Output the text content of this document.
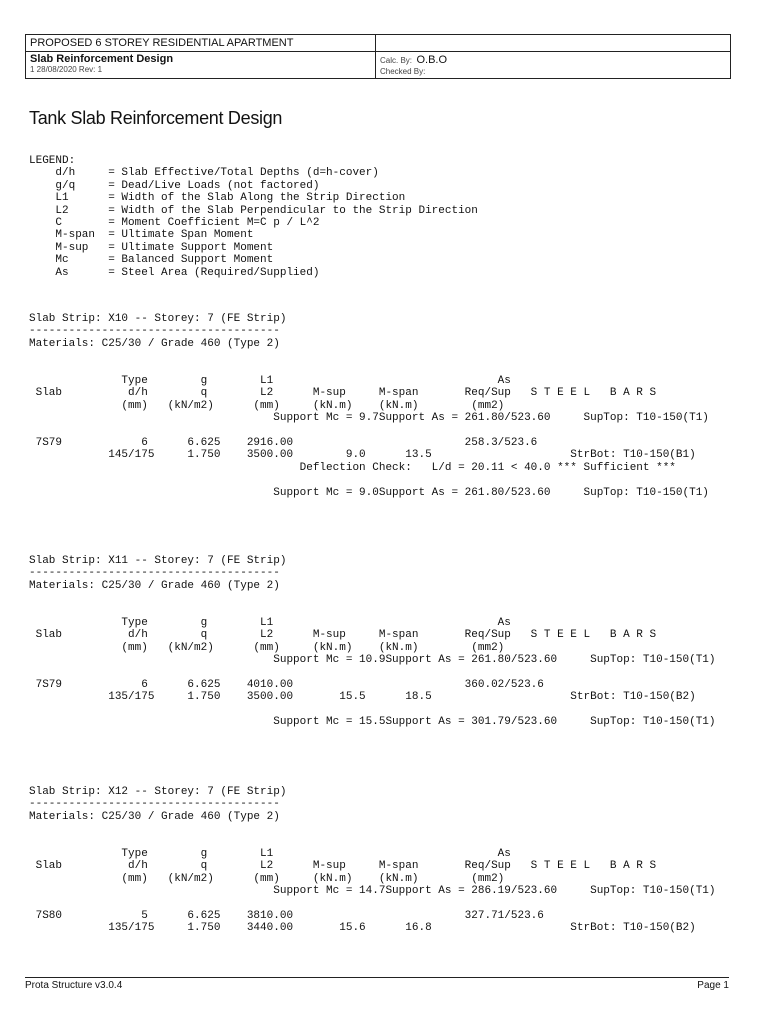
PROPOSED 6 STOREY RESIDENTIAL APARTMENT
Slab Reinforcement Design
1 28/08/2020 Rev: 1
Calc. By: O.B.O
Checked By:
Tank Slab Reinforcement Design
LEGEND:
d/h     = Slab Effective/Total Depths (d=h-cover)
g/q     = Dead/Live Loads (not factored)
L1      = Width of the Slab Along the Strip Direction
L2      = Width of the Slab Perpendicular to the Strip Direction
C       = Moment Coefficient M=C p / L^2
M-span  = Ultimate Span Moment
M-sup   = Ultimate Support Moment
Mc      = Balanced Support Moment
As      = Steel Area (Required/Supplied)
Slab Strip: X10 -- Storey: 7 (FE Strip)
--------------------------------------
Materials: C25/30 / Grade 460 (Type 2)

Type        g        L1                                  As
Slab          d/h        q        L2      M-sup     M-span       Req/Sup   S T E E L   B A R S
(mm)   (kN/m2)      (mm)     (kN.m)    (kN.m)        (mm2)
Support Mc = 9.7Support As = 261.80/523.60     SupTop: T10-150(T1)

7S79            6      6.625    2916.00                          258.3/523.6
145/175     1.750    3500.00        9.0      13.5                     StrBot: T10-150(B1)
Deflection Check:   L/d = 20.11 < 40.0 *** Sufficient ***

Support Mc = 9.0Support As = 261.80/523.60     SupTop: T10-150(T1)
Slab Strip: X11 -- Storey: 7 (FE Strip)
--------------------------------------
Materials: C25/30 / Grade 460 (Type 2)

Type        g        L1                                  As
Slab          d/h        q        L2      M-sup     M-span       Req/Sup   S T E E L   B A R S
(mm)   (kN/m2)      (mm)     (kN.m)    (kN.m)        (mm2)
Support Mc = 10.9Support As = 261.80/523.60     SupTop: T10-150(T1)

7S79            6      6.625    4010.00                          360.02/523.6
135/175     1.750    3500.00       15.5      18.5                     StrBot: T10-150(B2)

Support Mc = 15.5Support As = 301.79/523.60     SupTop: T10-150(T1)
Slab Strip: X12 -- Storey: 7 (FE Strip)
--------------------------------------
Materials: C25/30 / Grade 460 (Type 2)

Type        g        L1                                  As
Slab          d/h        q        L2      M-sup     M-span       Req/Sup   S T E E L   B A R S
(mm)   (kN/m2)      (mm)     (kN.m)    (kN.m)        (mm2)
Support Mc = 14.7Support As = 286.19/523.60     SupTop: T10-150(T1)

7S80            5      6.625    3810.00                          327.71/523.6
135/175     1.750    3440.00       15.6      16.8                     StrBot: T10-150(B2)
Prota Structure v3.0.4	Page 1
